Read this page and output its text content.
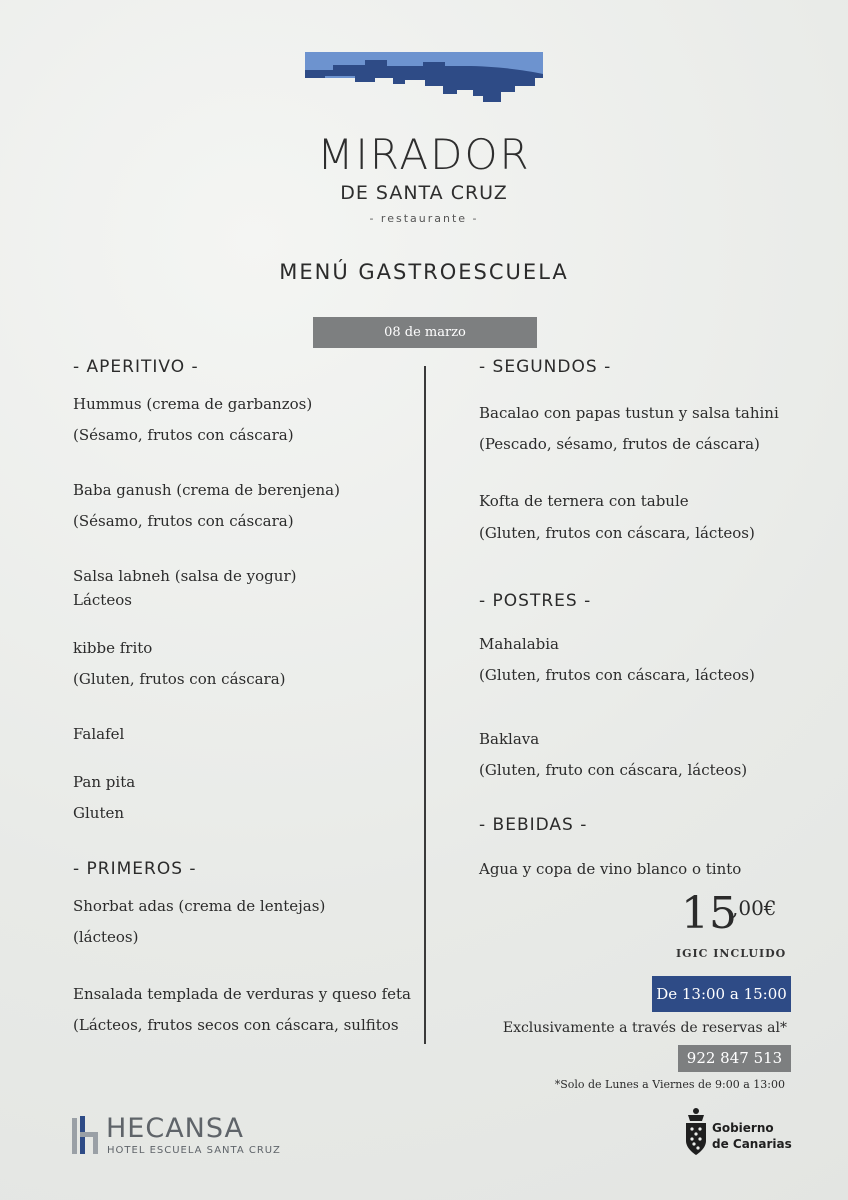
MIRADOR
DE SANTA CRUZ
- restaurante -
MENÚ GASTROESCUELA
08 de marzo
- APERITIVO -
Hummus (crema de garbanzos)
(Sésamo, frutos con cáscara)
Baba ganush (crema de berenjena)
(Sésamo, frutos con cáscara)
Salsa labneh (salsa de yogur)
Lácteos
kibbe frito
(Gluten, frutos con cáscara)
Falafel
Pan pita
Gluten
- PRIMEROS -
Shorbat adas (crema de lentejas)
(lácteos)
Ensalada templada de verduras y queso feta
(Lácteos, frutos secos con cáscara, sulfitos
- SEGUNDOS -
Bacalao con papas tustun y salsa tahini
(Pescado, sésamo, frutos de cáscara)
Kofta de ternera con tabule
(Gluten, frutos con cáscara, lácteos)
- POSTRES -
Mahalabia
(Gluten, frutos con cáscara, lácteos)
Baklava
(Gluten, fruto con cáscara, lácteos)
- BEBIDAS -
Agua y copa de vino blanco o tinto
15
,00€
IGIC INCLUIDO
De 13:00 a 15:00
Exclusivamente a través de reservas al*
922 847 513
*Solo de Lunes a Viernes de 9:00 a 13:00
HECANSA
HOTEL ESCUELA SANTA CRUZ
Gobierno
de Canarias
